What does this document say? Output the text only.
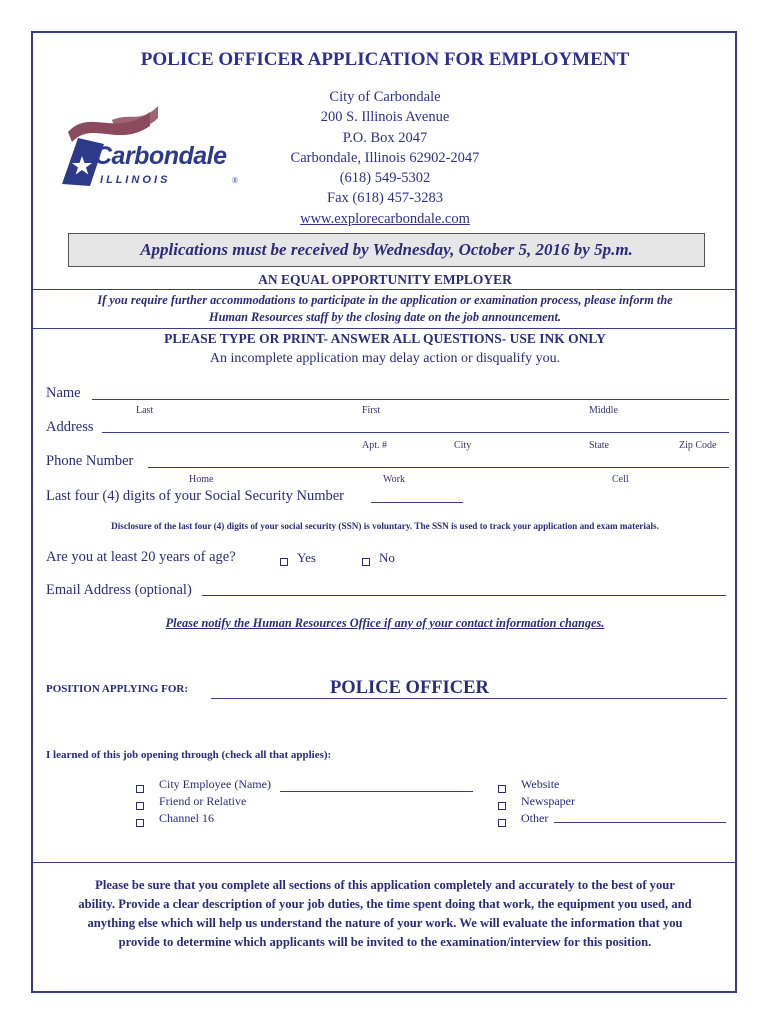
POLICE OFFICER APPLICATION FOR EMPLOYMENT
Carbondale
I L L I N O I S	®
City of Carbondale
200 S. Illinois Avenue
P.O. Box 2047
Carbondale, Illinois 62902-2047
(618) 549-5302
Fax (618) 457-3283
www.explorecarbondale.com
Applications must be received by Wednesday, October 5, 2016 by 5p.m.
AN EQUAL OPPORTUNITY EMPLOYER
If you require further accommodations to participate in the application or examination process, please inform the
Human Resources staff by the closing date on the job announcement.
PLEASE TYPE OR PRINT- ANSWER ALL QUESTIONS- USE INK ONLY
An incomplete application may delay action or disqualify you.
Name
Last	First	Middle
Address
Apt. #	City	State	Zip Code
Phone Number
Home	Work	Cell
Last four (4) digits of your Social Security Number
Disclosure of the last four (4) digits of your social security (SSN) is voluntary. The SSN is used to track your application and exam materials.
Are you at least 20 years of age?	Yes	No
Email Address (optional)
Please notify the Human Resources Office if any of your contact information changes.
POSITION APPLYING FOR:	POLICE OFFICER
I learned of this job opening through (check all that applies):
City Employee (Name)
Friend or Relative
Channel 16
Website
Newspaper
Other
Please be sure that you complete all sections of this application completely and accurately to the best of your
ability. Provide a clear description of your job duties, the time spent doing that work, the equipment you used, and
anything else which will help us understand the nature of your work. We will evaluate the information that you
provide to determine which applicants will be invited to the examination/interview for this position.
